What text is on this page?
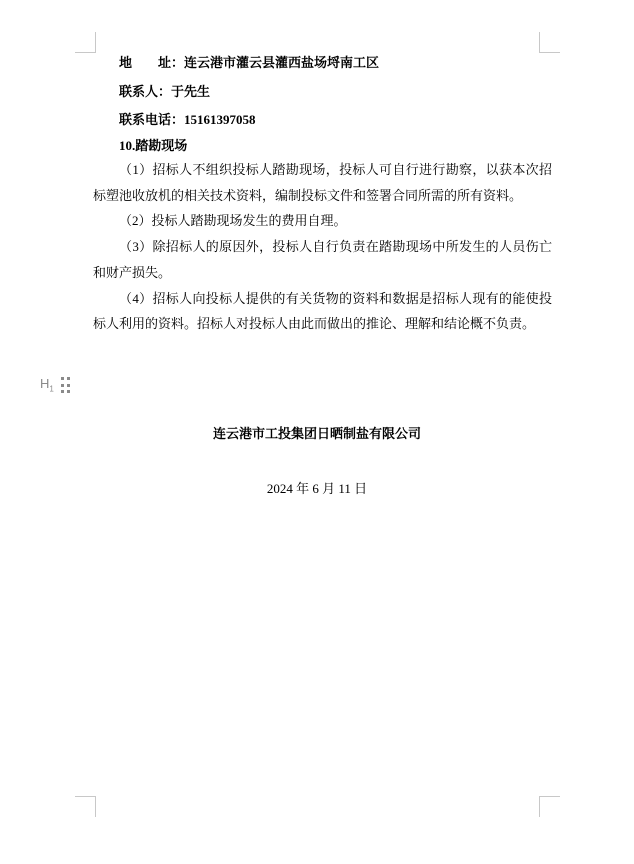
地　　址：连云港市灌云县灌西盐场埒南工区

联系人：于先生

联系电话：15161397058

10.踏勘现场

（1）招标人不组织投标人踏勘现场，投标人可自行进行勘察，以获本次招标塑池收放机的相关技术资料，编制投标文件和签署合同所需的所有资料。

（2）投标人踏勘现场发生的费用自理。

（3）除招标人的原因外，投标人自行负责在踏勘现场中所发生的人员伤亡和财产损失。

（4）招标人向投标人提供的有关货物的资料和数据是招标人现有的能使投标人利用的资料。招标人对投标人由此而做出的推论、理解和结论概不负责。

$H_1$

连云港市工投集团日晒制盐有限公司

2024 年 6 月 11 日
